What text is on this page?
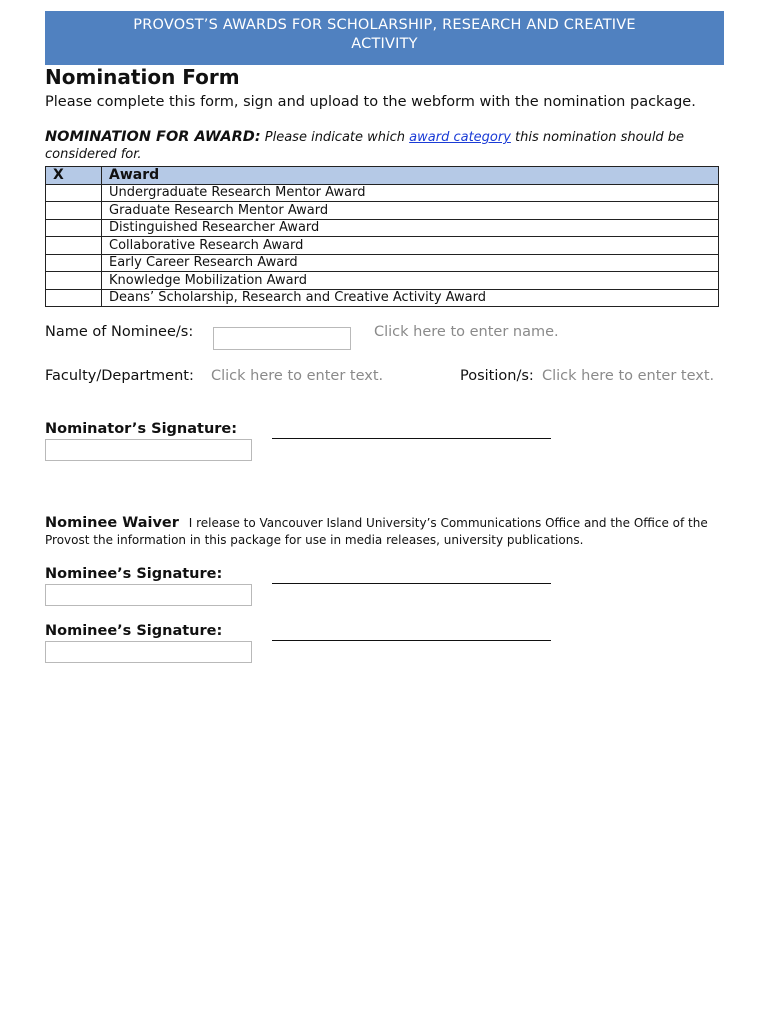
PROVOST’S AWARDS FOR SCHOLARSHIP, RESEARCH AND CREATIVE
ACTIVITY
Nomination Form
Please complete this form, sign and upload to the webform with the nomination package.
NOMINATION FOR AWARD: Please indicate which award category this nomination should be considered for.
X	Award
	Undergraduate Research Mentor Award
	Graduate Research Mentor Award
	Distinguished Researcher Award
	Collaborative Research Award
	Early Career Research Award
	Knowledge Mobilization Award
	Deans’ Scholarship, Research and Creative Activity Award
Name of Nominee/s:	Click here to enter name.
Faculty/Department: Click here to enter text.	Position/s: Click here to enter text.
Nominator’s Signature:
Nominee Waiver I release to Vancouver Island University’s Communications Office and the Office of the Provost the information in this package for use in media releases, university publications.
Nominee’s Signature:
Nominee’s Signature:
